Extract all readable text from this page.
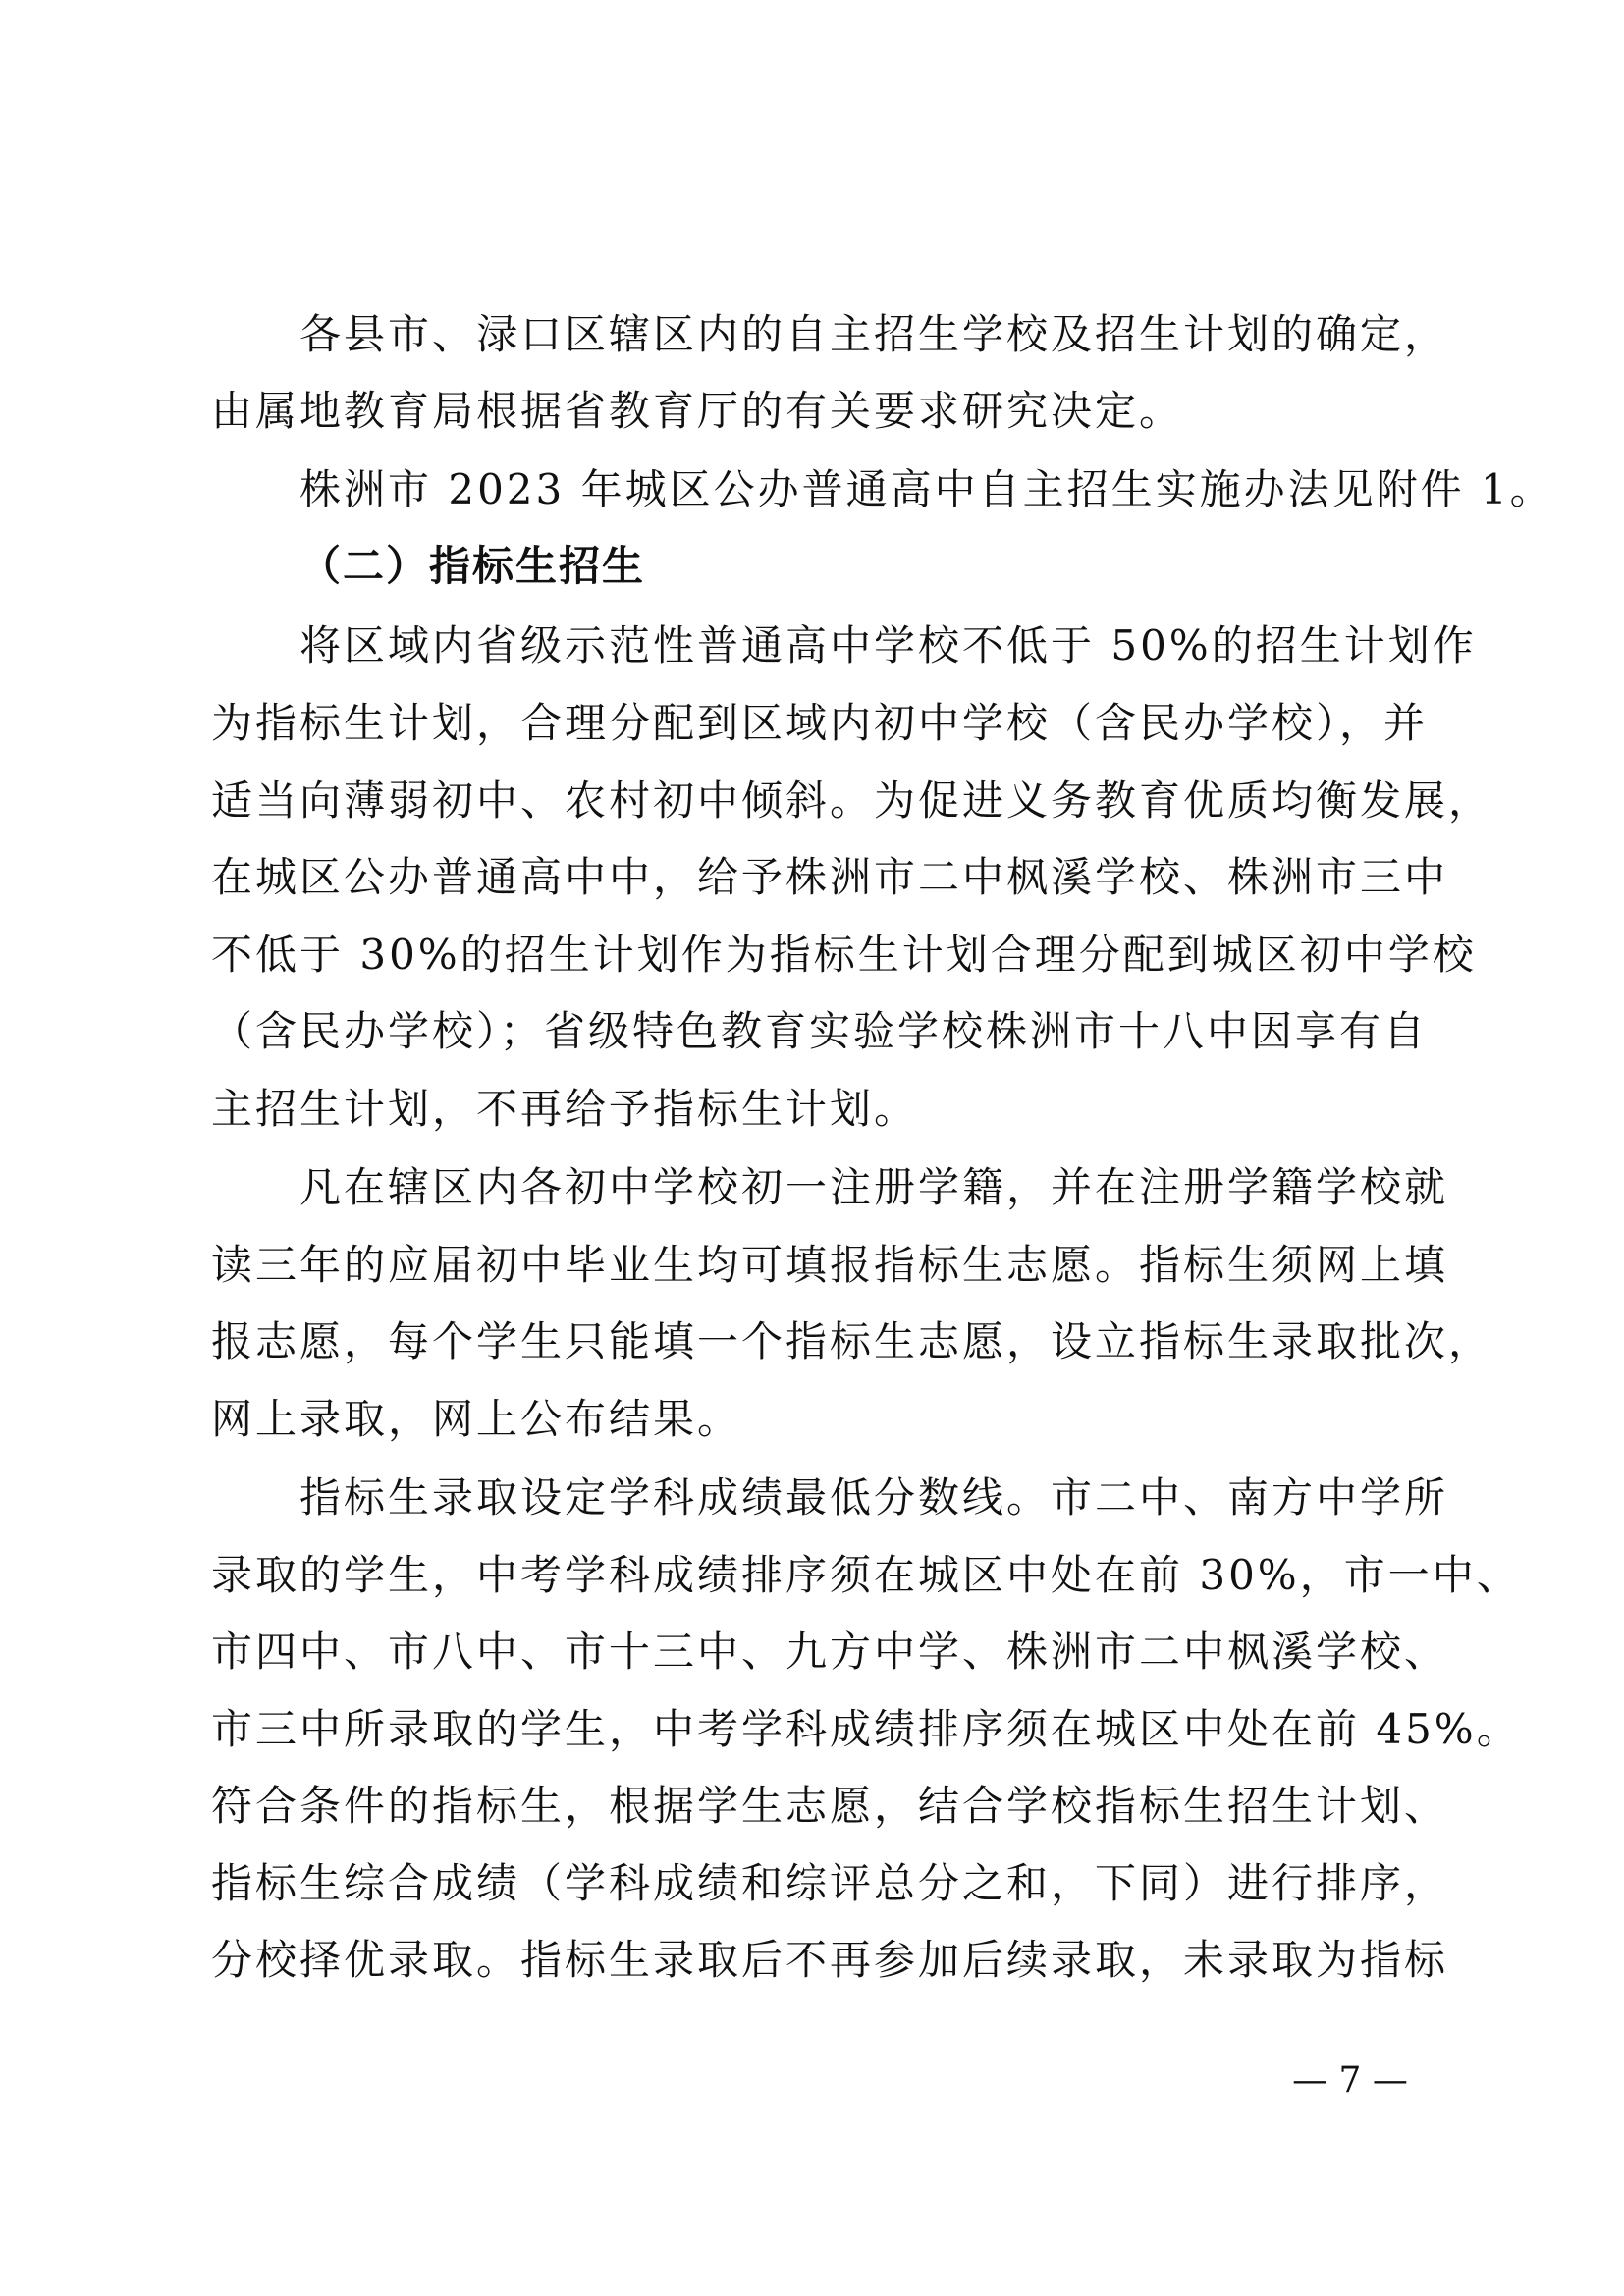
各县市、渌口区辖区内的自主招生学校及招生计划的确定，
由属地教育局根据省教育厅的有关要求研究决定。
株洲市 2023 年城区公办普通高中自主招生实施办法见附件 1。
（二）指标生招生
将区域内省级示范性普通高中学校不低于 50%的招生计划作
为指标生计划，合理分配到区域内初中学校（含民办学校），并
适当向薄弱初中、农村初中倾斜。为促进义务教育优质均衡发展，
在城区公办普通高中中，给予株洲市二中枫溪学校、株洲市三中
不低于 30%的招生计划作为指标生计划合理分配到城区初中学校
（含民办学校）；省级特色教育实验学校株洲市十八中因享有自
主招生计划，不再给予指标生计划。
凡在辖区内各初中学校初一注册学籍，并在注册学籍学校就
读三年的应届初中毕业生均可填报指标生志愿。指标生须网上填
报志愿，每个学生只能填一个指标生志愿，设立指标生录取批次，
网上录取，网上公布结果。
指标生录取设定学科成绩最低分数线。市二中、南方中学所
录取的学生，中考学科成绩排序须在城区中处在前 30%，市一中、
市四中、市八中、市十三中、九方中学、株洲市二中枫溪学校、
市三中所录取的学生，中考学科成绩排序须在城区中处在前 45%。
符合条件的指标生，根据学生志愿，结合学校指标生招生计划、
指标生综合成绩（学科成绩和综评总分之和，下同）进行排序，
分校择优录取。指标生录取后不再参加后续录取，未录取为指标
— 7 —
